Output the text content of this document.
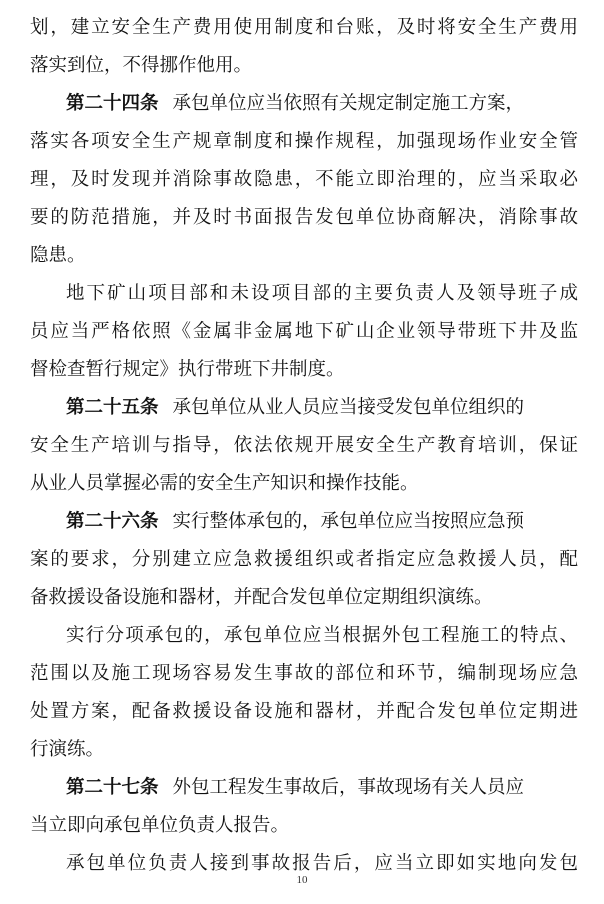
划，建立安全生产费用使用制度和台账，及时将安全生产费用
落实到位，不得挪作他用。
第二十四条 承包单位应当依照有关规定制定施工方案，
落实各项安全生产规章制度和操作规程，加强现场作业安全管
理，及时发现并消除事故隐患，不能立即治理的，应当采取必
要的防范措施，并及时书面报告发包单位协商解决，消除事故
隐患。
地下矿山项目部和未设项目部的主要负责人及领导班子成
员应当严格依照《金属非金属地下矿山企业领导带班下井及监
督检查暂行规定》执行带班下井制度。
第二十五条 承包单位从业人员应当接受发包单位组织的
安全生产培训与指导，依法依规开展安全生产教育培训，保证
从业人员掌握必需的安全生产知识和操作技能。
第二十六条 实行整体承包的，承包单位应当按照应急预
案的要求，分别建立应急救援组织或者指定应急救援人员，配
备救援设备设施和器材，并配合发包单位定期组织演练。
实行分项承包的，承包单位应当根据外包工程施工的特点、
范围以及施工现场容易发生事故的部位和环节，编制现场应急
处置方案，配备救援设备设施和器材，并配合发包单位定期进
行演练。
第二十七条 外包工程发生事故后，事故现场有关人员应
当立即向承包单位负责人报告。
承包单位负责人接到事故报告后，应当立即如实地向发包
10
